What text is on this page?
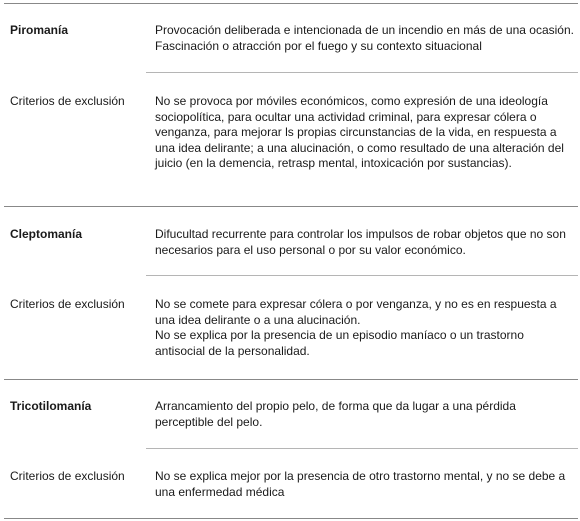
Piromanía	Provocación deliberada e intencionada de un incendio en más de una ocasión. Fascinación o atracción por el fuego y su contexto situacional
Criterios de exclusión	No se provoca por móviles económicos, como expresión de una ideología sociopolítica, para ocultar una actividad criminal, para expresar cólera o venganza, para mejorar ls propias circunstancias de la vida, en respuesta a una idea delirante; a una alucinación, o como resultado de una alteración del juicio (en la demencia, retrasp mental, intoxicación por sustancias).
Cleptomanía	Difucultad recurrente para controlar los impulsos de robar objetos que no son necesarios para el uso personal o por su valor económico.
Criterios de exclusión	No se comete para expresar cólera o por venganza, y no es en respuesta a una idea delirante o a una alucinación.
No se explica por la presencia de un episodio maníaco o un trastorno antisocial de la personalidad.
Tricotilomanía	Arrancamiento del propio pelo, de forma que da lugar a una pérdida perceptible del pelo.
Criterios de exclusión	No se explica mejor por la presencia de otro trastorno mental, y no se debe a una enfermedad médica
